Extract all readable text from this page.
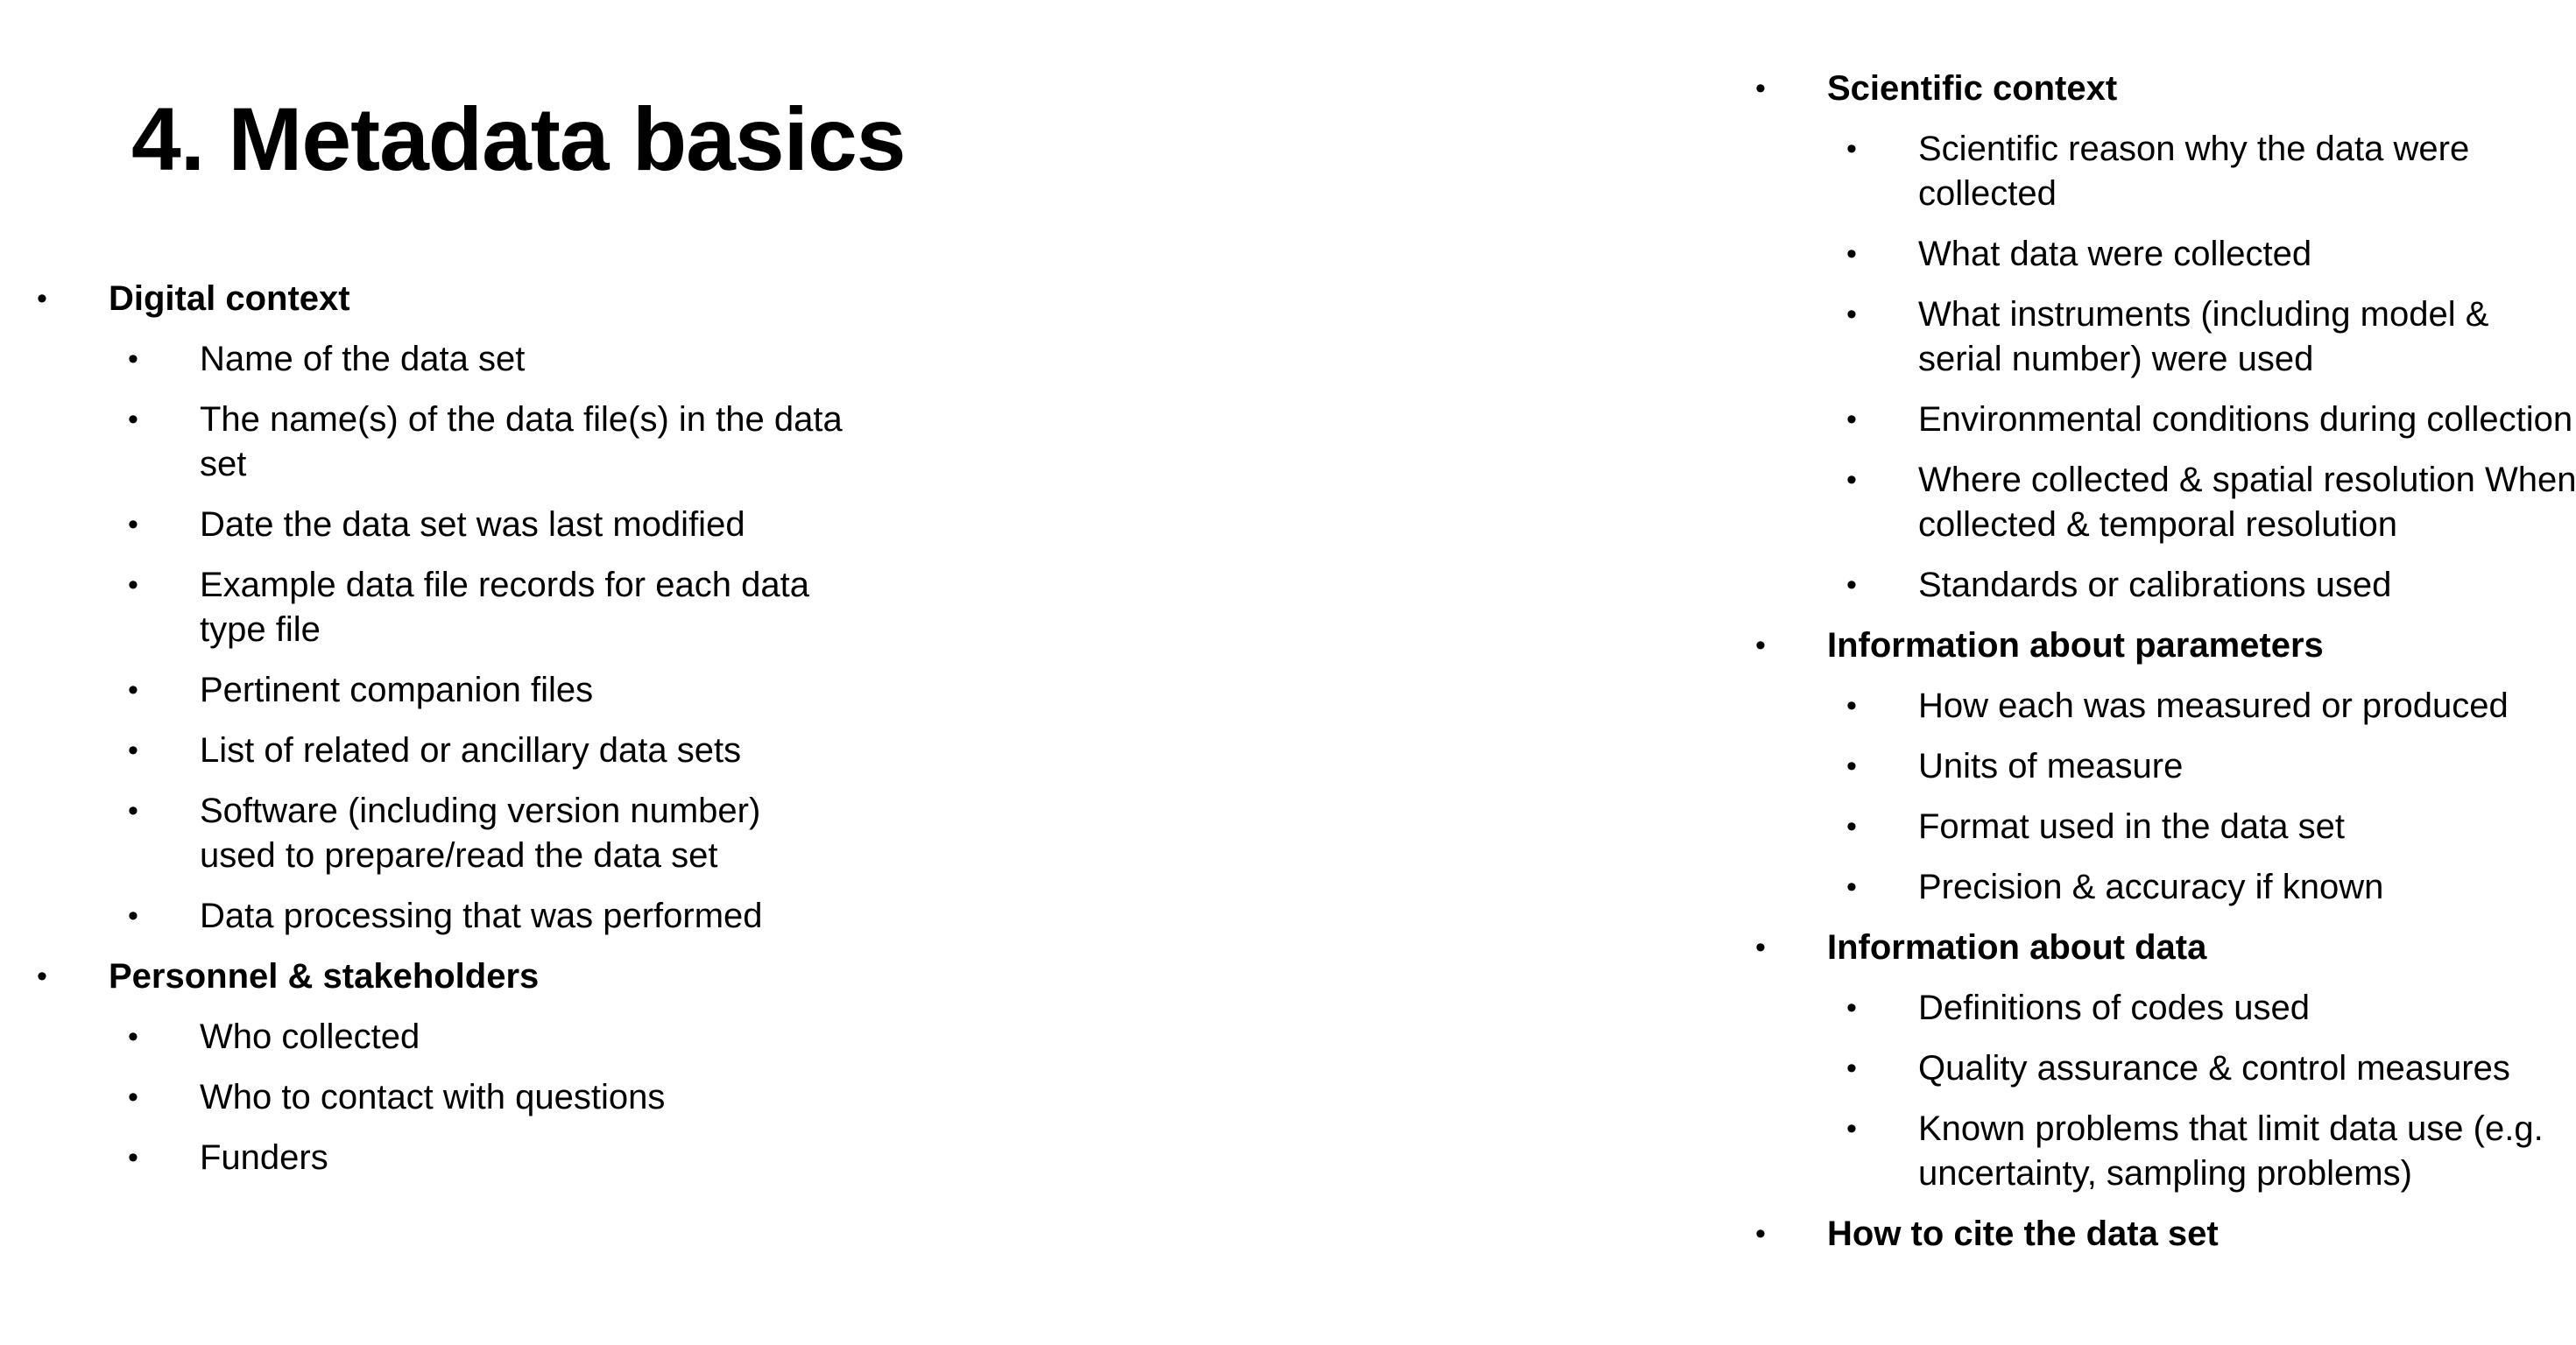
4. Metadata basics
• Digital context
• Name of the data set
• The name(s) of the data file(s) in the data
set
• Date the data set was last modified
• Example data file records for each data
type file
• Pertinent companion files
• List of related or ancillary data sets
• Software (including version number)
used to prepare/read the data set
• Data processing that was performed
• Personnel & stakeholders
• Who collected
• Who to contact with questions
• Funders
• Scientific context
• Scientific reason why the data were
collected
• What data were collected
• What instruments (including model &
serial number) were used
• Environmental conditions during collection
• Where collected & spatial resolution When
collected & temporal resolution
• Standards or calibrations used
• Information about parameters
• How each was measured or produced
• Units of measure
• Format used in the data set
• Precision & accuracy if known
• Information about data
• Definitions of codes used
• Quality assurance & control measures
• Known problems that limit data use (e.g.
uncertainty, sampling problems)
• How to cite the data set
